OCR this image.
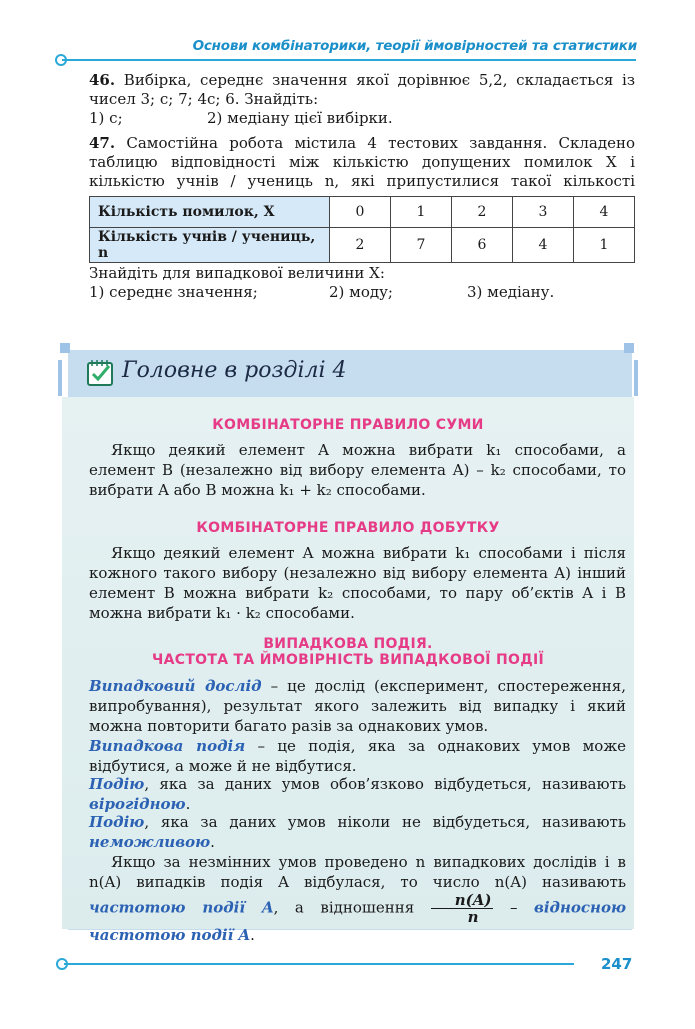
Основи комбінаторики, теорії ймовірностей та статистики
46. Вибірка, середнє значення якої дорівнює 5,2, складається із чисел 3; c; 7; 4c; 6. Знайдіть:
1) c;	2) медіану цієї вибірки.
47. Самостійна робота містила 4 тестових завдання. Складено таблицю відповідності між кількістю допущених помилок X і кількістю учнів / учениць n, які припустилися такої кількості
Кількість помилок, X	0	1	2	3	4
Кількість учнів / учениць, n	2	7	6	4	1
Знайдіть для випадкової величини X:
1) середнє значення;	2) моду;	3) медіану.
Головне в розділі 4
КОМБІНАТОРНЕ ПРАВИЛО СУМИ
Якщо деякий елемент A можна вибрати k₁ способами, а елемент B (незалежно від вибору елемента A) – k₂ способами, то вибрати A або B можна k₁ + k₂ способами.
КОМБІНАТОРНЕ ПРАВИЛО ДОБУТКУ
Якщо деякий елемент A можна вибрати k₁ способами і після кожного такого вибору (незалежно від вибору елемента A) інший елемент B можна вибрати k₂ способами, то пару об’єктів A і B можна вибрати k₁ · k₂ способами.
ВИПАДКОВА ПОДІЯ.
ЧАСТОТА ТА ЙМОВІРНІСТЬ ВИПАДКОВОЇ ПОДІЇ
Випадковий дослід – це дослід (експеримент, спостереження, випробування), результат якого залежить від випадку і який можна повторити багато разів за однакових умов.
Випадкова подія – це подія, яка за однакових умов може відбутися, а може й не відбутися.
Подію, яка за даних умов обов’язково відбудеться, називають вірогідною.
Подію, яка за даних умов ніколи не відбудеться, називають неможливою.
Якщо за незмінних умов проведено n випадкових дослідів і в n(A) випадків подія A відбулася, то число n(A) називають частотою події A, а відношення $\frac{n(A)}{n}$ – відносною частотою події A.
247
